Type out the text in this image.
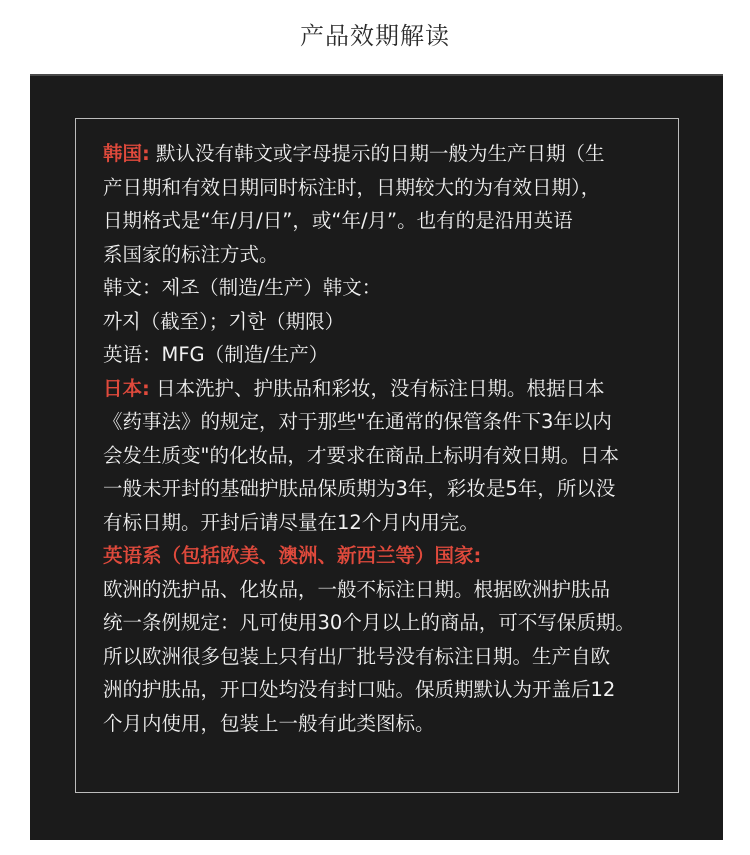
产品效期解读
韩国: 默认没有韩文或字母提示的日期一般为生产日期（生
产日期和有效日期同时标注时，日期较大的为有效日期），
日期格式是“年/月/日”，或“年/月”。也有的是沿用英语
系国家的标注方式。
韩文：제조（制造/生产）韩文：
까지（截至）；기한（期限）
英语：MFG（制造/生产）
日本: 日本洗护、护肤品和彩妆，没有标注日期。根据日本
《药事法》的规定，对于那些"在通常的保管条件下3年以内
会发生质变"的化妆品，才要求在商品上标明有效日期。日本
一般未开封的基础护肤品保质期为3年，彩妆是5年，所以没
有标日期。开封后请尽量在12个月内用完。
英语系（包括欧美、澳洲、新西兰等）国家:
欧洲的洗护品、化妆品，一般不标注日期。根据欧洲护肤品
统一条例规定：凡可使用30个月以上的商品，可不写保质期。
所以欧洲很多包装上只有出厂批号没有标注日期。生产自欧
洲的护肤品，开口处均没有封口贴。保质期默认为开盖后12
个月内使用，包装上一般有此类图标。
